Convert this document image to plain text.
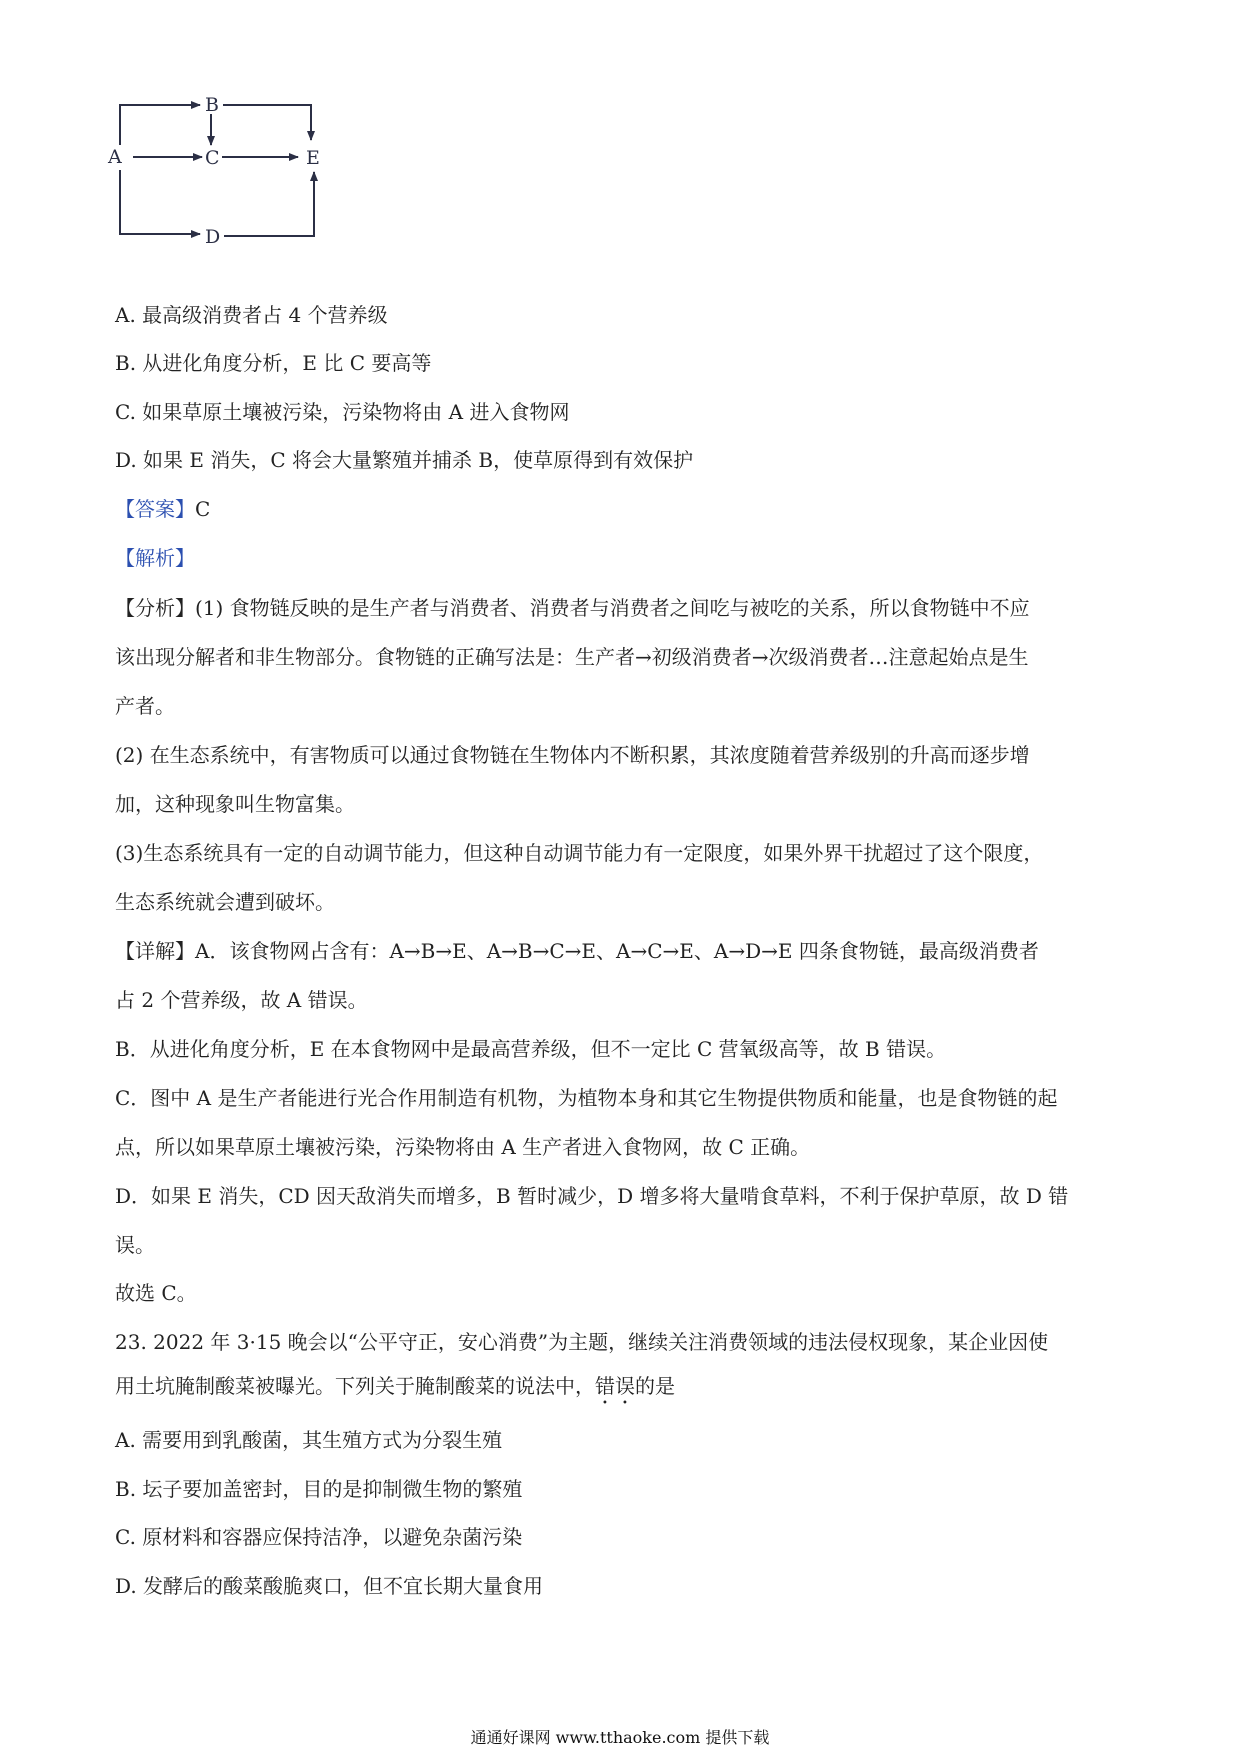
A
B
C
D
E
A. 最高级消费者占 4 个营养级
B. 从进化角度分析，E 比 C 要高等
C. 如果草原土壤被污染，污染物将由 A 进入食物网
D. 如果 E 消失，C 将会大量繁殖并捕杀 B，使草原得到有效保护
【答案】C
【解析】
【分析】(1) 食物链反映的是生产者与消费者、消费者与消费者之间吃与被吃的关系，所以食物链中不应
该出现分解者和非生物部分。食物链的正确写法是：生产者→初级消费者→次级消费者…注意起始点是生
产者。
(2) 在生态系统中，有害物质可以通过食物链在生物体内不断积累，其浓度随着营养级别的升高而逐步增
加，这种现象叫生物富集。
(3)生态系统具有一定的自动调节能力，但这种自动调节能力有一定限度，如果外界干扰超过了这个限度，
生态系统就会遭到破坏。
【详解】A．该食物网占含有：A→B→E、A→B→C→E、A→C→E、A→D→E 四条食物链，最高级消费者
占 2 个营养级，故 A 错误。
B．从进化角度分析，E 在本食物网中是最高营养级，但不一定比 C 营氧级高等，故 B 错误。
C．图中 A 是生产者能进行光合作用制造有机物，为植物本身和其它生物提供物质和能量，也是食物链的起
点，所以如果草原土壤被污染，污染物将由 A 生产者进入食物网，故 C 正确。
D．如果 E 消失，CD 因天敌消失而增多，B 暂时减少，D 增多将大量啃食草料，不利于保护草原，故 D 错
误。
故选 C。
23. 2022 年 3·15 晚会以“公平守正，安心消费”为主题，继续关注消费领域的违法侵权现象，某企业因使
用土坑腌制酸菜被曝光。下列关于腌制酸菜的说法中，错误的是
A. 需要用到乳酸菌，其生殖方式为分裂生殖
B. 坛子要加盖密封，目的是抑制微生物的繁殖
C. 原材料和容器应保持洁净，以避免杂菌污染
D. 发酵后的酸菜酸脆爽口，但不宜长期大量食用
通通好课网 www.tthaoke.com 提供下载
